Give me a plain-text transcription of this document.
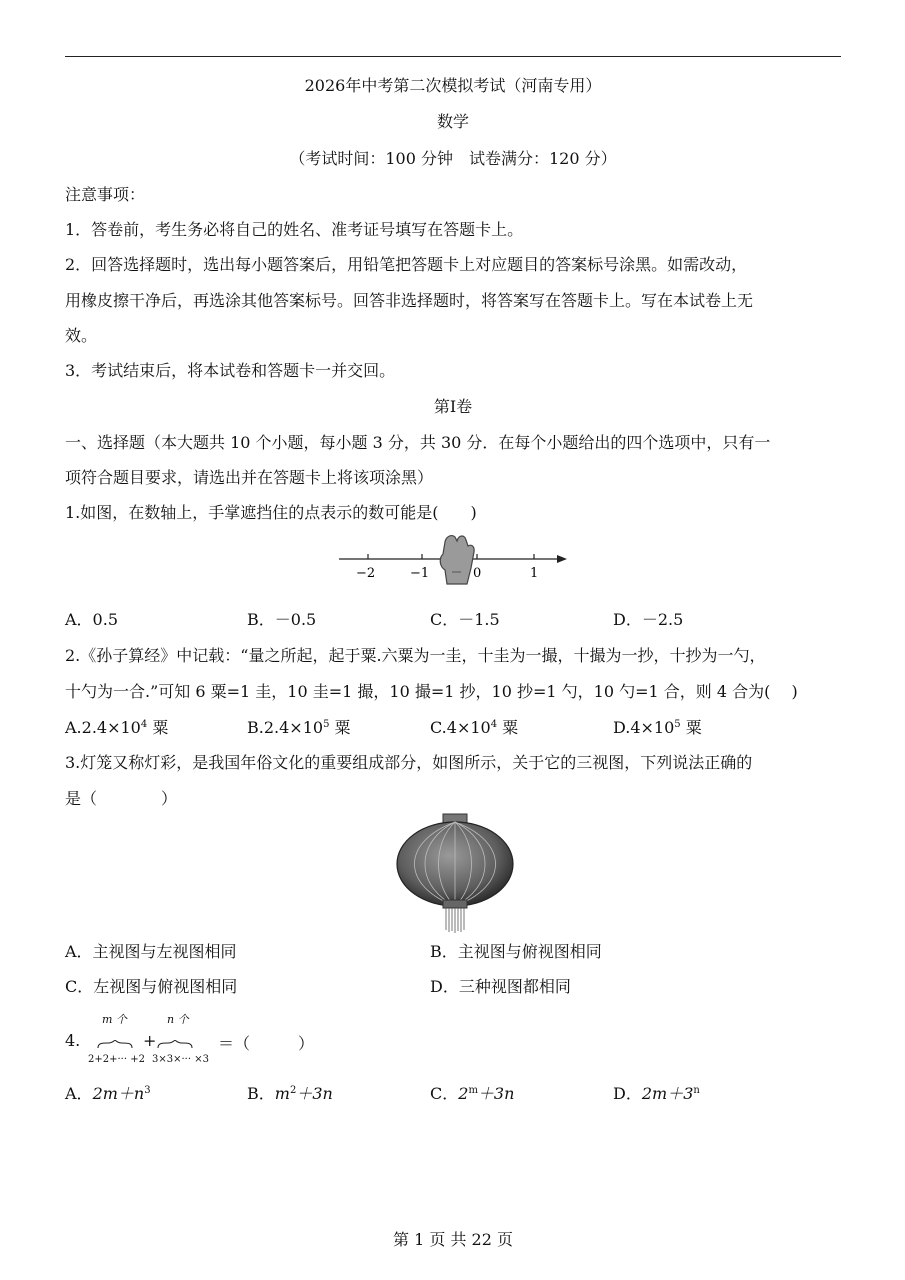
2026年中考第二次模拟考试（河南专用）
数学
（考试时间：100 分钟　试卷满分：120 分）
注意事项：
1．答卷前，考生务必将自己的姓名、准考证号填写在答题卡上。
2．回答选择题时，选出每小题答案后，用铅笔把答题卡上对应题目的答案标号涂黑。如需改动，
用橡皮擦干净后，再选涂其他答案标号。回答非选择题时，将答案写在答题卡上。写在本试卷上无
效。
3．考试结束后，将本试卷和答题卡一并交回。
第Ⅰ卷
一、选择题（本大题共 10 个小题，每小题 3 分，共 30 分．在每个小题给出的四个选项中，只有一
项符合题目要求，请选出并在答题卡上将该项涂黑）
1.如图，在数轴上，手掌遮挡住的点表示的数可能是(　　)
−2	−1	0	1
A．0.5	B．－0.5	C．－1.5	D．－2.5
2.《孙子算经》中记载：“量之所起，起于粟.六粟为一圭，十圭为一撮，十撮为一抄，十抄为一勺，
十勺为一合.”可知 6 粟=1 圭，10 圭=1 撮，10 撮=1 抄，10 抄=1 勺，10 勺=1 合，则 4 合为(　 )
$A.2.4\times 10^4$ 粟	$B.2.4\times 10^5$ 粟	$C.4\times 10^4$ 粟	$D.4\times 10^5$ 粟
3.灯笼又称灯彩，是我国年俗文化的重要组成部分，如图所示，关于它的三视图，下列说法正确的
是（　　　　）
A．主视图与左视图相同	B．主视图与俯视图相同
C．左视图与俯视图相同	D．三种视图都相同
4.
m 个	n 个
2+2+··· +2
+
3×3×··· ×3
＝（　　　）
A．$2m+n^3$	B．$m^2+3n$	C．$2^m+3n$	D．$2m+3^n$
第 1 页 共 22 页
